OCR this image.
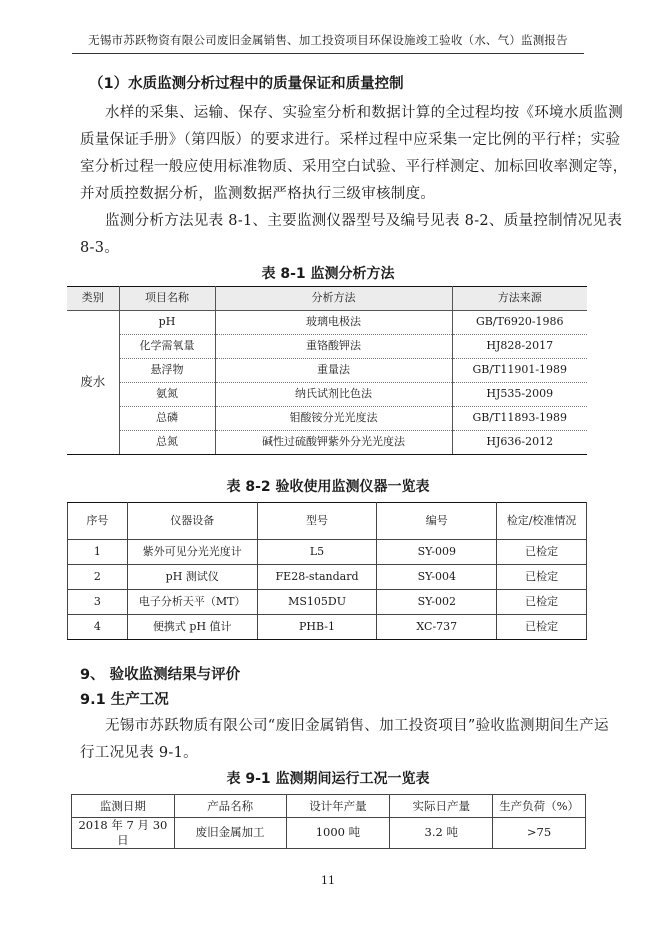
无锡市苏跃物资有限公司废旧金属销售、加工投资项目环保设施竣工验收（水、气）监测报告
（1）水质监测分析过程中的质量保证和质量控制
水样的采集、运输、保存、实验室分析和数据计算的全过程均按《环境水质监测
质量保证手册》（第四版）的要求进行。采样过程中应采集一定比例的平行样；实验
室分析过程一般应使用标准物质、采用空白试验、平行样测定、加标回收率测定等，
并对质控数据分析，监测数据严格执行三级审核制度。
监测分析方法见表 8-1、主要监测仪器型号及编号见表 8-2、质量控制情况见表
8-3。
表 8-1 监测分析方法
类别	项目名称	分析方法	方法来源
废水	pH	玻璃电极法	GB/T6920-1986
	化学需氧量	重铬酸钾法	HJ828-2017
	悬浮物	重量法	GB/T11901-1989
	氨氮	纳氏试剂比色法	HJ535-2009
	总磷	钼酸铵分光光度法	GB/T11893-1989
	总氮	碱性过硫酸钾紫外分光光度法	HJ636-2012
表 8-2 验收使用监测仪器一览表
序号	仪器设备	型号	编号	检定/校准情况
1	紫外可见分光光度计	L5	SY-009	已检定
2	pH 测试仪	FE28-standard	SY-004	已检定
3	电子分析天平（MT）	MS105DU	SY-002	已检定
4	便携式 pH 值计	PHB-1	XC-737	已检定
9、 验收监测结果与评价
9.1 生产工况
无锡市苏跃物质有限公司“废旧金属销售、加工投资项目”验收监测期间生产运
行工况见表 9-1。
表 9-1 监测期间运行工况一览表
监测日期	产品名称	设计年产量	实际日产量	生产负荷（%）
2018 年 7 月 30 日	废旧金属加工	1000 吨	3.2 吨	>75
11
